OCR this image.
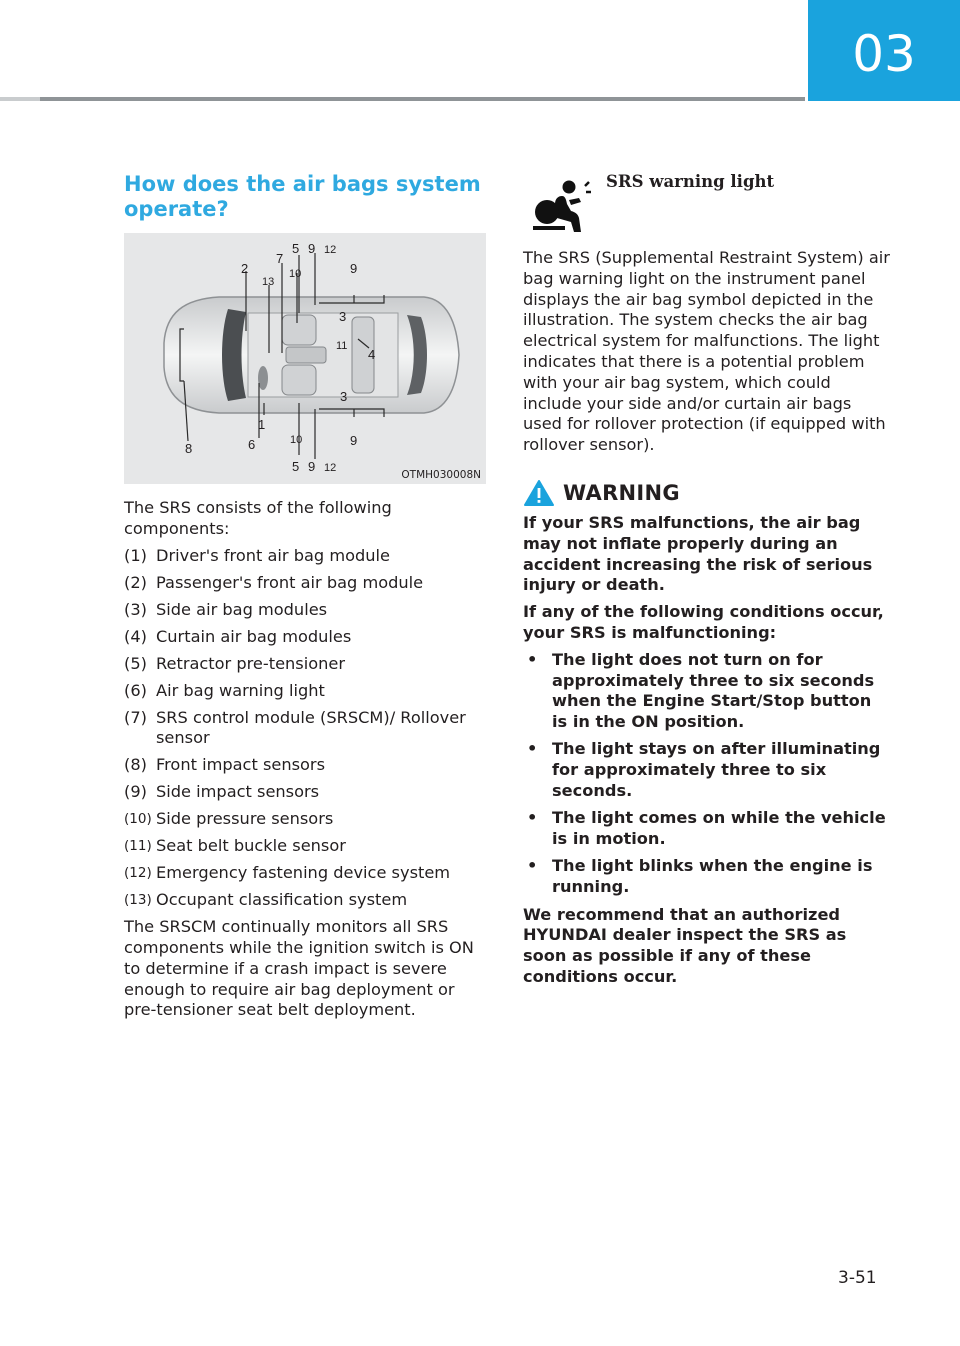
03
How does the air bags system operate?
2
7
5 9 12
13
10	9
3
11
4
3
1
10
6
8
9
5 9 12
OTMH030008N

The SRS consists of the following components:

(1) Driver's front air bag module
(2) Passenger's front air bag module
(3) Side air bag modules
(4) Curtain air bag modules
(5) Retractor pre-tensioner
(6) Air bag warning light
(7) SRS control module (SRSCM)/ Rollover sensor
(8) Front impact sensors
(9) Side impact sensors
(10) Side pressure sensors
(11) Seat belt buckle sensor
(12) Emergency fastening device system
(13) Occupant classification system

The SRSCM continually monitors all SRS components while the ignition switch is ON to determine if a crash impact is severe enough to require air bag deployment or pre-tensioner seat belt deployment.

SRS warning light

The SRS (Supplemental Restraint System) air bag warning light on the instrument panel displays the air bag symbol depicted in the illustration. The system checks the air bag electrical system for malfunctions. The light indicates that there is a potential problem with your air bag system, which could include your side and/or curtain air bags used for rollover protection (if equipped with rollover sensor).

WARNING

If your SRS malfunctions, the air bag may not inflate properly during an accident increasing the risk of serious injury or death.

If any of the following conditions occur, your SRS is malfunctioning:

• The light does not turn on for approximately three to six seconds when the Engine Start/Stop button is in the ON position.
• The light stays on after illuminating for approximately three to six seconds.
• The light comes on while the vehicle is in motion.
• The light blinks when the engine is running.

We recommend that an authorized HYUNDAI dealer inspect the SRS as soon as possible if any of these conditions occur.

3-51
